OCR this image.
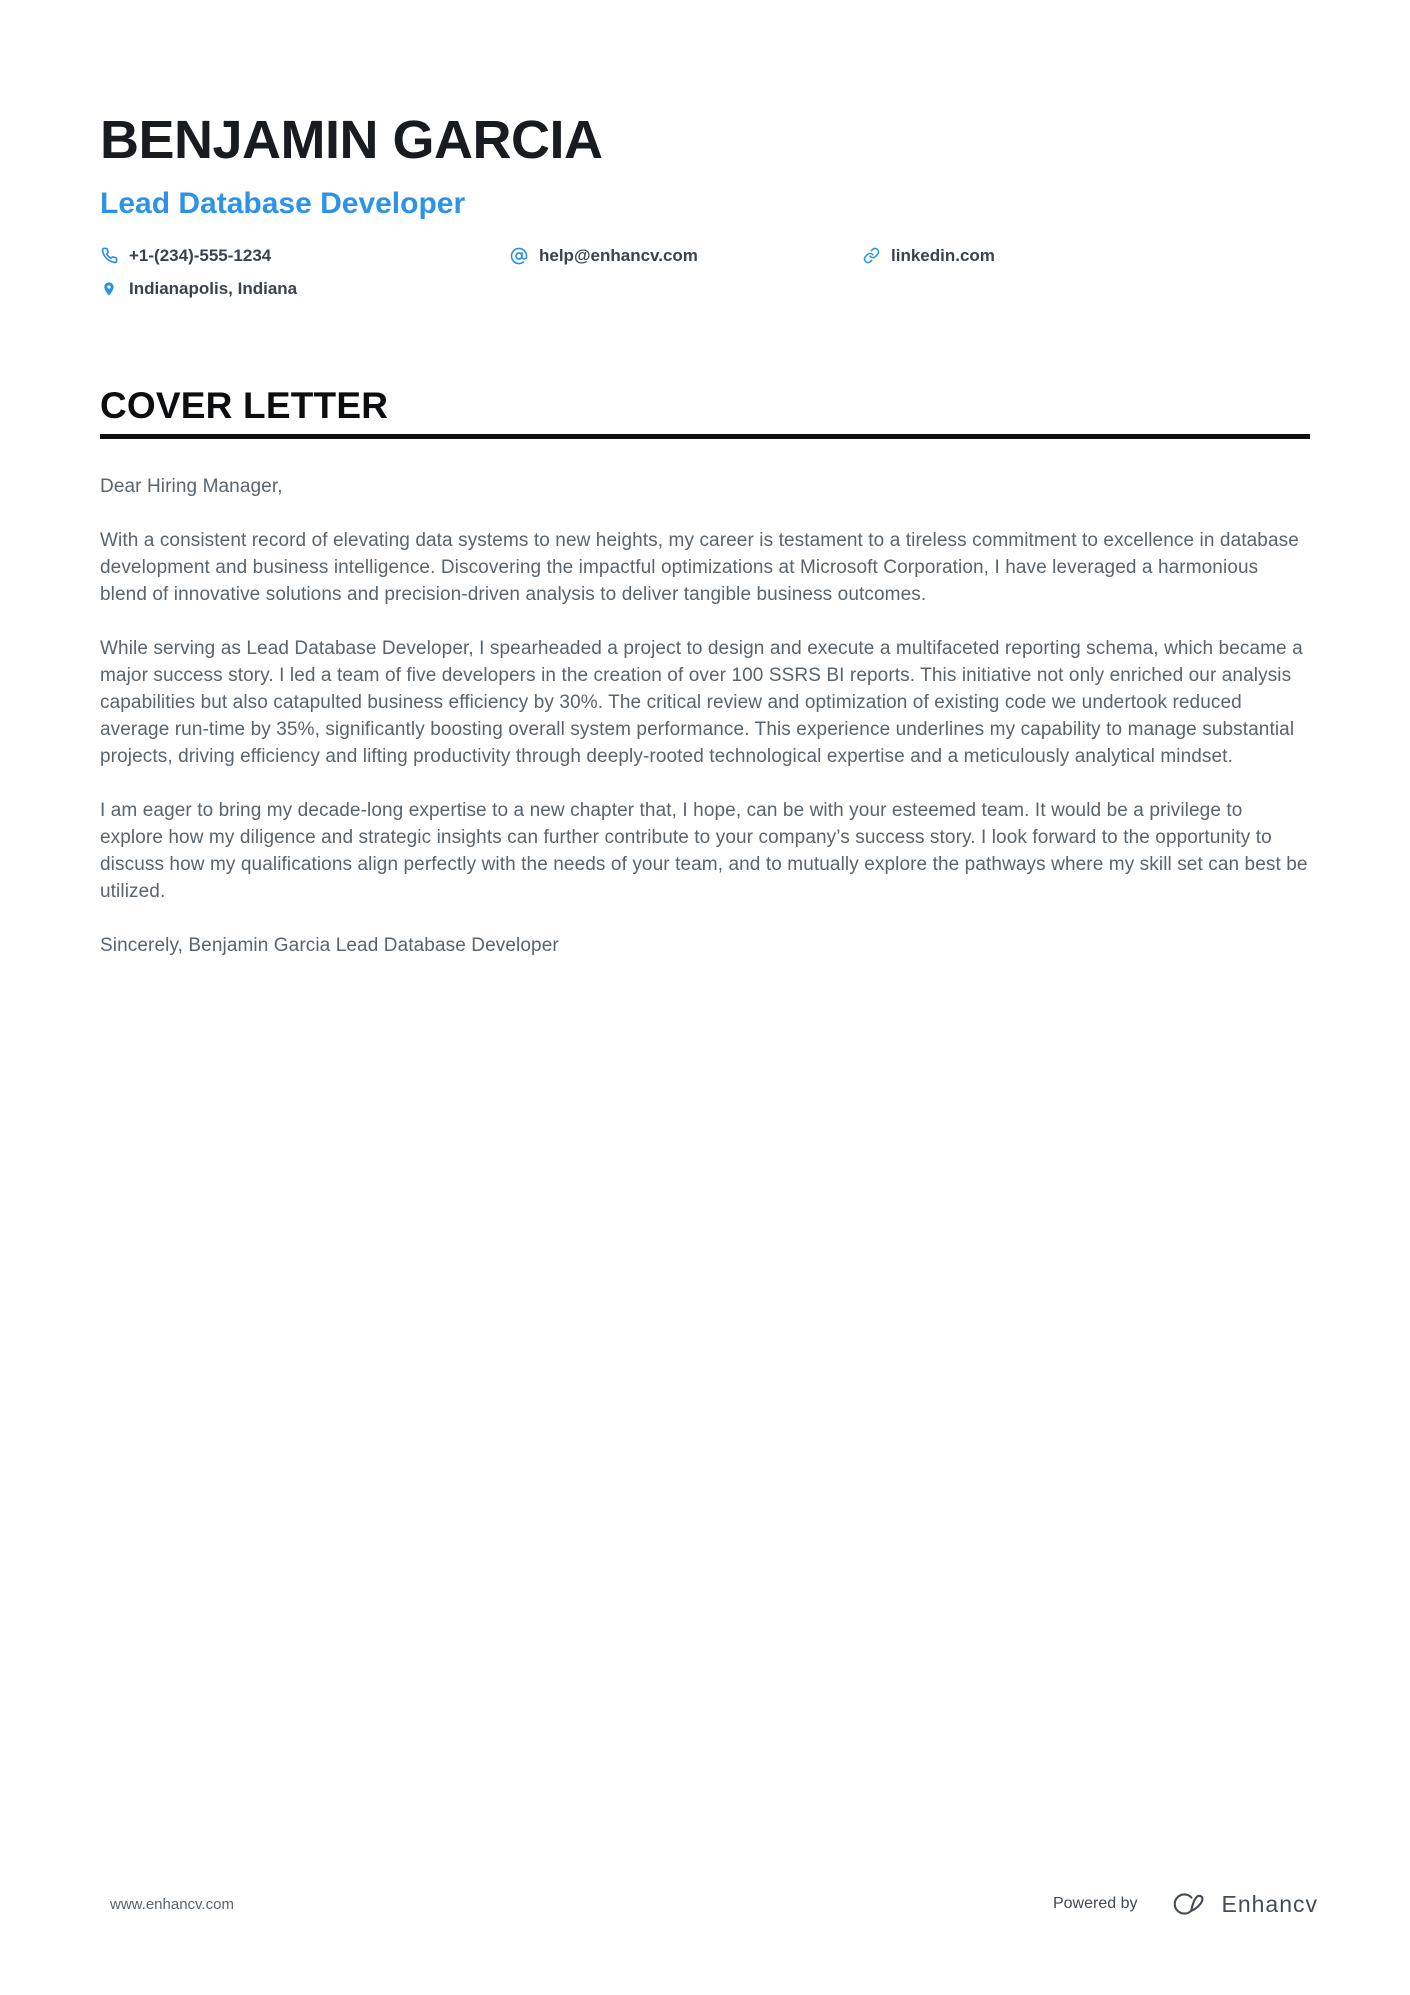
BENJAMIN GARCIA
Lead Database Developer
+1-(234)-555-1234	help@enhancv.com	linkedin.com
Indianapolis, Indiana
COVER LETTER

Dear Hiring Manager,

With a consistent record of elevating data systems to new heights, my career is testament to a tireless commitment to excellence in database development and business intelligence. Discovering the impactful optimizations at Microsoft Corporation, I have leveraged a harmonious blend of innovative solutions and precision-driven analysis to deliver tangible business outcomes.

While serving as Lead Database Developer, I spearheaded a project to design and execute a multifaceted reporting schema, which became a major success story. I led a team of five developers in the creation of over 100 SSRS BI reports. This initiative not only enriched our analysis capabilities but also catapulted business efficiency by 30%. The critical review and optimization of existing code we undertook reduced average run-time by 35%, significantly boosting overall system performance. This experience underlines my capability to manage substantial projects, driving efficiency and lifting productivity through deeply-rooted technological expertise and a meticulously analytical mindset.

I am eager to bring my decade-long expertise to a new chapter that, I hope, can be with your esteemed team. It would be a privilege to explore how my diligence and strategic insights can further contribute to your company’s success story. I look forward to the opportunity to discuss how my qualifications align perfectly with the needs of your team, and to mutually explore the pathways where my skill set can best be utilized.

Sincerely, Benjamin Garcia Lead Database Developer

www.enhancv.com	Powered by	Enhancv
